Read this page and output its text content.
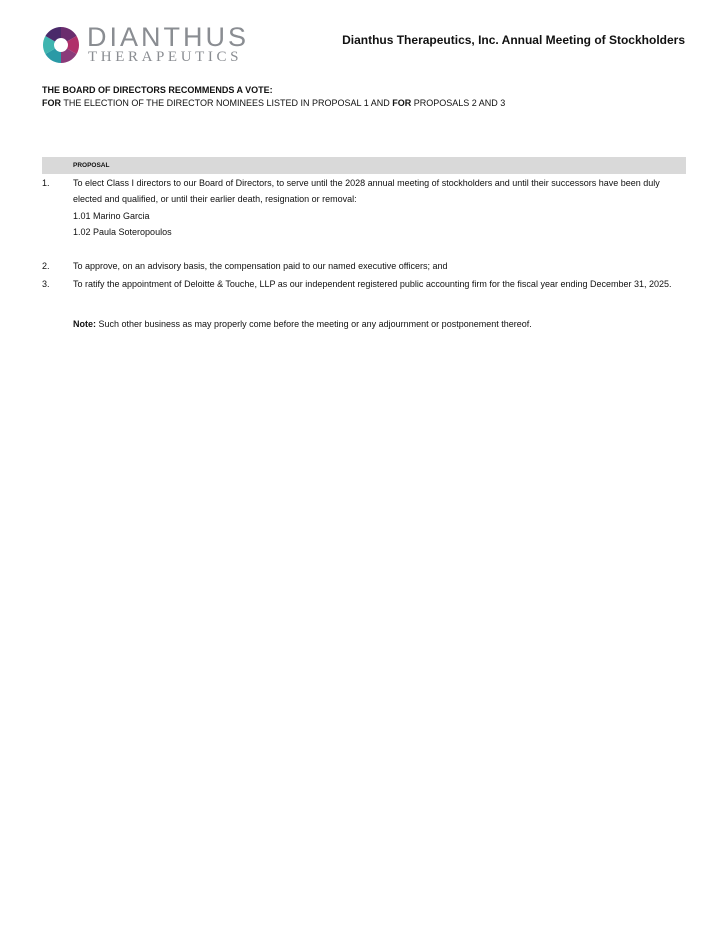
DIANTHUS
THERAPEUTICS
Dianthus Therapeutics, Inc. Annual Meeting of Stockholders
THE BOARD OF DIRECTORS RECOMMENDS A VOTE:
FOR THE ELECTION OF THE DIRECTOR NOMINEES LISTED IN PROPOSAL 1 AND FOR PROPOSALS 2 AND 3
PROPOSAL
1.	To elect Class I directors to our Board of Directors, to serve until the 2028 annual meeting of stockholders and until their successors have been duly elected and qualified, or until their earlier death, resignation or removal:
1.01 Marino Garcia
1.02 Paula Soteropoulos
2.	To approve, on an advisory basis, the compensation paid to our named executive officers; and
3.	To ratify the appointment of Deloitte & Touche, LLP as our independent registered public accounting firm for the fiscal year ending December 31, 2025.
Note: Such other business as may properly come before the meeting or any adjournment or postponement thereof.
